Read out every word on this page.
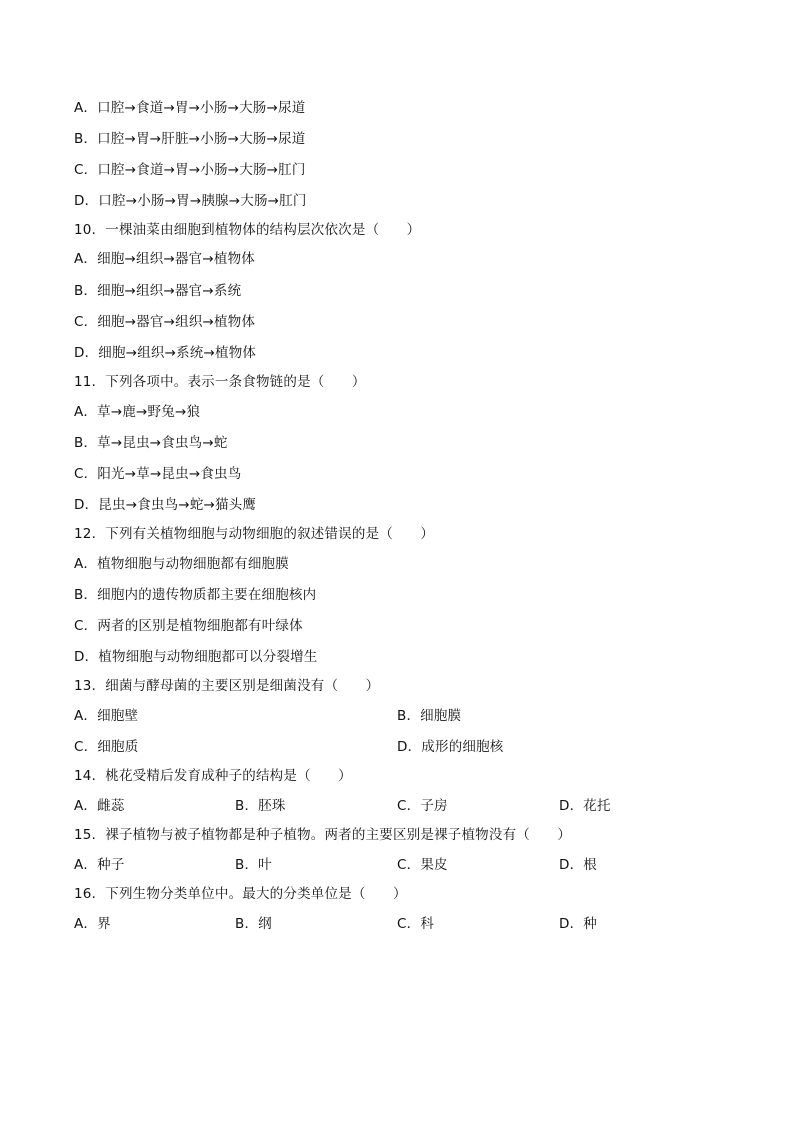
A．口腔→食道→胃→小肠→大肠→尿道
B．口腔→胃→肝脏→小肠→大肠→尿道
C．口腔→食道→胃→小肠→大肠→肛门
D．口腔→小肠→胃→胰腺→大肠→肛门
10．一棵油菜由细胞到植物体的结构层次依次是（　　）
A．细胞→组织→器官→植物体
B．细胞→组织→器官→系统
C．细胞→器官→组织→植物体
D．细胞→组织→系统→植物体
11．下列各项中。表示一条食物链的是（　　）
A．草→鹿→野兔→狼
B．草→昆虫→食虫鸟→蛇
C．阳光→草→昆虫→食虫鸟
D．昆虫→食虫鸟→蛇→猫头鹰
12．下列有关植物细胞与动物细胞的叙述错误的是（　　）
A．植物细胞与动物细胞都有细胞膜
B．细胞内的遗传物质都主要在细胞核内
C．两者的区别是植物细胞都有叶绿体
D．植物细胞与动物细胞都可以分裂增生
13．细菌与酵母菌的主要区别是细菌没有（　　）
A．细胞壁	B．细胞膜
C．细胞质	D．成形的细胞核
14．桃花受精后发育成种子的结构是（　　）
A．雌蕊	B．胚珠	C．子房	D．花托
15．裸子植物与被子植物都是种子植物。两者的主要区别是裸子植物没有（　　）
A．种子	B．叶	C．果皮	D．根
16．下列生物分类单位中。最大的分类单位是（　　）
A．界	B．纲	C．科	D．种
